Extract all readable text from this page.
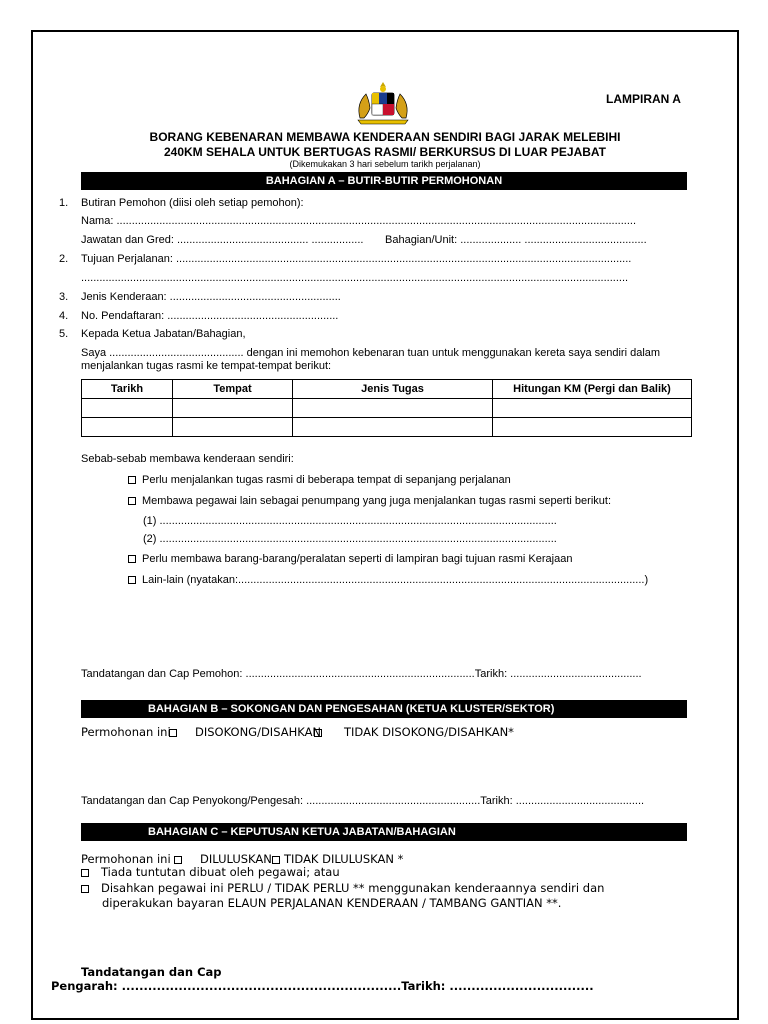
LAMPIRAN A
BORANG KEBENARAN MEMBAWA KENDERAAN SENDIRI BAGI JARAK MELEBIHI
240KM SEHALA UNTUK BERTUGAS RASMI/ BERKURSUS DI LUAR PEJABAT
(Dikemukakan 3 hari sebelum tarikh perjalanan)
BAHAGIAN A – BUTIR-BUTIR PERMOHONAN
1. Butiran Pemohon (diisi oleh setiap pemohon):
Nama: ..........................................................................................................................................................................
Jawatan dan Gred: ........................................... ................. Bahagian/Unit: .................... ........................................
2. Tujuan Perjalanan: .....................................................................................................................................................
...................................................................................................................................................................................
3. Jenis Kenderaan: ........................................................
4. No. Pendaftaran: ........................................................
5. Kepada Ketua Jabatan/Bahagian,
Saya ............................................ dengan ini memohon kebenaran tuan untuk menggunakan kereta saya sendiri dalam
menjalankan tugas rasmi ke tempat-tempat berikut:
Tarikh	Tempat	Jenis Tugas	Hitungan KM (Pergi dan Balik)

Sebab-sebab membawa kenderaan sendiri:
Perlu menjalankan tugas rasmi di beberapa tempat di sepanjang perjalanan
Membawa pegawai lain sebagai penumpang yang juga menjalankan tugas rasmi seperti berikut:
(1) ..................................................................................................................................
(2) ..................................................................................................................................
Perlu membawa barang-barang/peralatan seperti di lampiran bagi tujuan rasmi Kerajaan
Lain-lain (nyatakan:.....................................................................................................................................)
Tandatangan dan Cap Pemohon: ...........................................................................Tarikh: ...........................................
BAHAGIAN B – SOKONGAN DAN PENGESAHAN (KETUA KLUSTER/SEKTOR)
Permohonan ini	DISOKONG/DISAHKAN	TIDAK DISOKONG/DISAHKAN*
Tandatangan dan Cap Penyokong/Pengesah: .........................................................Tarikh: ..........................................
BAHAGIAN C – KEPUTUSAN KETUA JABATAN/BAHAGIAN
Permohonan ini	DILULUSKAN	TIDAK DILULUSKAN *
Tiada tuntutan dibuat oleh pegawai; atau
Disahkan pegawai ini PERLU / TIDAK PERLU ** menggunakan kenderaannya sendiri dan
diperakukan bayaran ELAUN PERJALANAN KENDERAAN / TAMBANG GANTIAN **.
Tandatangan dan Cap
Pengarah: ................................................................Tarikh: .................................
